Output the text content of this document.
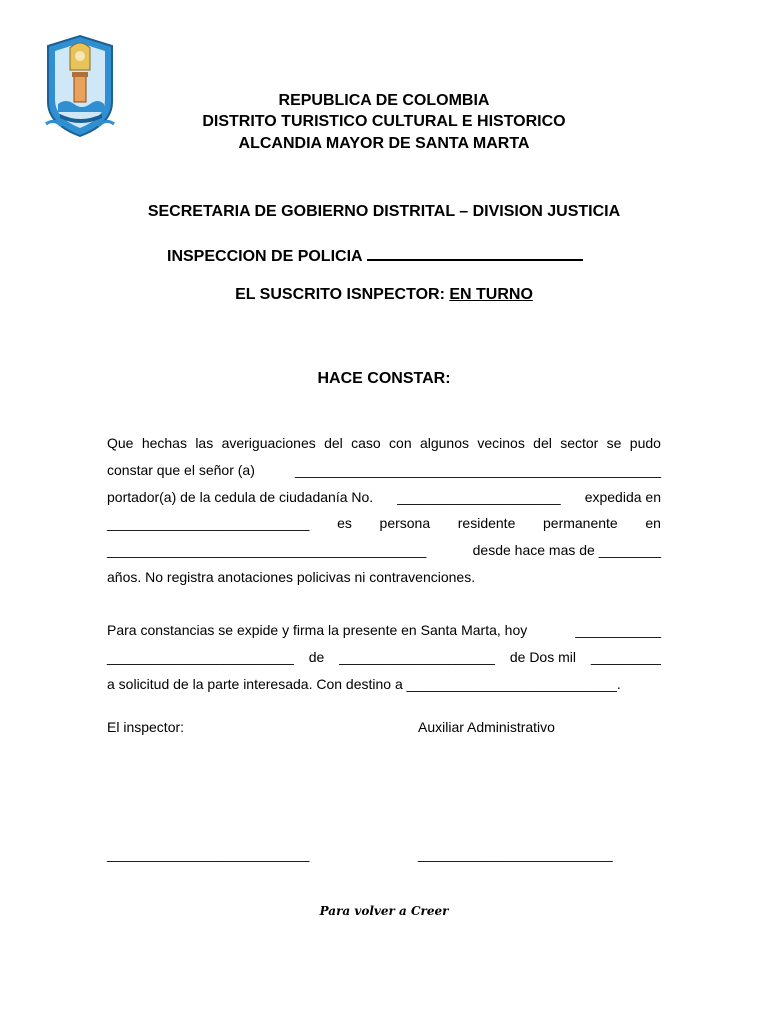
REPUBLICA DE COLOMBIA
DISTRITO TURISTICO CULTURAL E HISTORICO
ALCANDIA MAYOR DE SANTA MARTA
SECRETARIA DE GOBIERNO DISTRITAL – DIVISION JUSTICIA
INSPECCION DE POLICIA
EL SUSCRITO ISNPECTOR: EN TURNO
HACE CONSTAR:
Que hechas las averiguaciones del caso con algunos vecinos del sector se pudo
constar que el señor (a)	_______________________________________________
portador(a) de la cedula de ciudadanía No. _____________________ expedida en
__________________________ es persona residente permanente en
_________________________________________	desde hace mas de ________
años. No registra anotaciones policivas ni contravenciones.
Para constancias se expide y firma la presente en Santa Marta, hoy	___________
________________________ de ____________________ de Dos mil _________
a solicitud de la parte interesada. Con destino a ___________________________.
El inspector:	Auxiliar Administrativo
__________________________	_________________________
Para volver a Creer
